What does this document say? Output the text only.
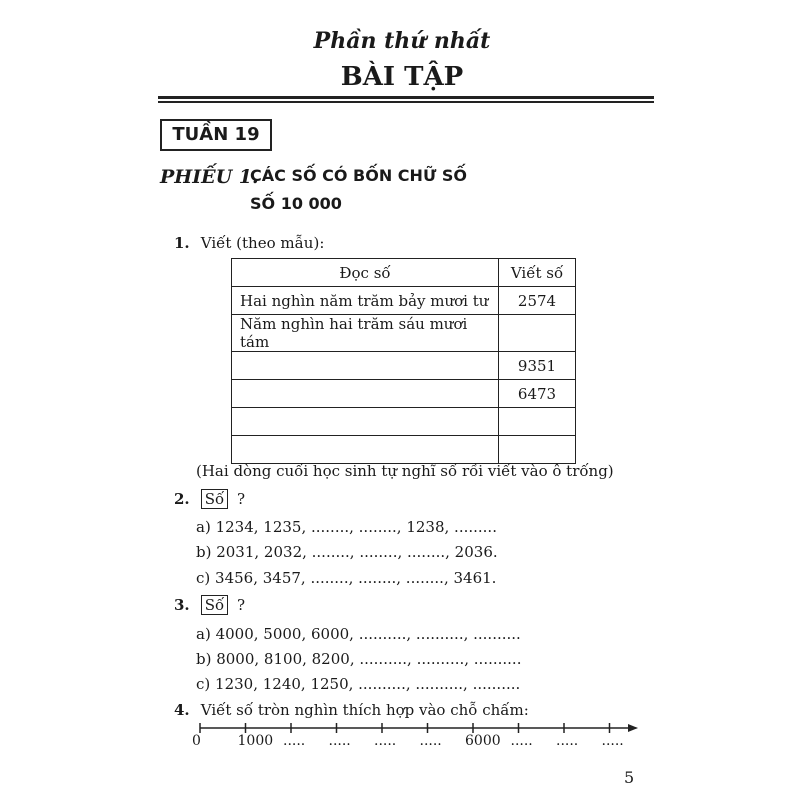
Phần thứ nhất
BÀI TẬP
TUẦN 19
PHIẾU 1.
CÁC SỐ CÓ BỐN CHỮ SỐ
SỐ 10 000
1. Viết (theo mẫu):
Đọc số	Viết số
Hai nghìn năm trăm bảy mươi tư	2574
Năm nghìn hai trăm sáu mươi tám	
	9351
	6473

(Hai dòng cuối học sinh tự nghĩ số rồi viết vào ô trống)
2. Số ?
a) 1234, 1235, ........, ........, 1238, .........
b) 2031, 2032, ........, ........, ........, 2036.
c) 3456, 3457, ........, ........, ........, 3461.
3. Số ?
a) 4000, 5000, 6000, .........., .........., ..........
b) 8000, 8100, 8200, .........., .........., ..........
c) 1230, 1240, 1250, .........., .........., ..........
4. Viết số tròn nghìn thích hợp vào chỗ chấm:
0	1000 ..... ..... ..... ..... 6000 ..... ..... .....
5
